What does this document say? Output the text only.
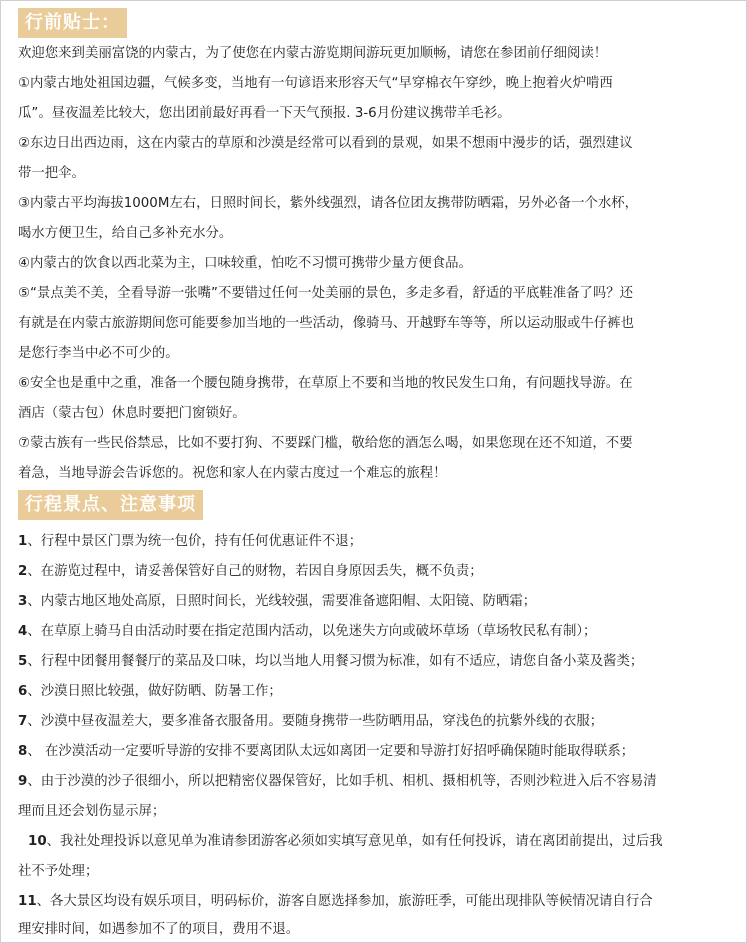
行前贴士：
欢迎您来到美丽富饶的内蒙古，为了使您在内蒙古游览期间游玩更加顺畅，请您在参团前仔细阅读！
①内蒙古地处祖国边疆，气候多变，当地有一句谚语来形容天气“早穿棉衣午穿纱，晚上抱着火炉啃西
瓜”。昼夜温差比较大，您出团前最好再看一下天气预报. 3-6月份建议携带羊毛衫。
②东边日出西边雨，这在内蒙古的草原和沙漠是经常可以看到的景观，如果不想雨中漫步的话，强烈建议
带一把伞。
③内蒙古平均海拔1000M左右，日照时间长，紫外线强烈，请各位团友携带防晒霜，另外必备一个水杯，
喝水方便卫生，给自己多补充水分。
④内蒙古的饮食以西北菜为主，口味较重，怕吃不习惯可携带少量方便食品。
⑤“景点美不美，全看导游一张嘴”不要错过任何一处美丽的景色，多走多看，舒适的平底鞋准备了吗？还
有就是在内蒙古旅游期间您可能要参加当地的一些活动，像骑马、开越野车等等，所以运动服或牛仔裤也
是您行李当中必不可少的。
⑥安全也是重中之重，准备一个腰包随身携带，在草原上不要和当地的牧民发生口角，有问题找导游。在
酒店（蒙古包）休息时要把门窗锁好。
⑦蒙古族有一些民俗禁忌，比如不要打狗、不要踩门槛，敬给您的酒怎么喝，如果您现在还不知道，不要
着急，当地导游会告诉您的。祝您和家人在内蒙古度过一个难忘的旅程！
行程景点、注意事项
1、行程中景区门票为统一包价，持有任何优惠证件不退；
2、在游览过程中，请妥善保管好自己的财物，若因自身原因丢失，概不负责；
3、内蒙古地区地处高原，日照时间长，光线较强，需要准备遮阳帽、太阳镜、防晒霜；
4、在草原上骑马自由活动时要在指定范围内活动，以免迷失方向或破坏草场（草场牧民私有制）；
5、行程中团餐用餐餐厅的菜品及口味，均以当地人用餐习惯为标准，如有不适应，请您自备小菜及酱类；
6、沙漠日照比较强，做好防晒、防暑工作；
7、沙漠中昼夜温差大，要多准备衣服备用。要随身携带一些防晒用品，穿浅色的抗紫外线的衣服；
8、 在沙漠活动一定要听导游的安排不要离团队太远如离团一定要和导游打好招呼确保随时能取得联系；
9、由于沙漠的沙子很细小，所以把精密仪器保管好，比如手机、相机、摄相机等，否则沙粒进入后不容易清
理而且还会划伤显示屏；
10、我社处理投诉以意见单为准请参团游客必须如实填写意见单，如有任何投诉，请在离团前提出，过后我
社不予处理；
11、各大景区均设有娱乐项目，明码标价，游客自愿选择参加，旅游旺季，可能出现排队等候情况请自行合
理安排时间，如遇参加不了的项目，费用不退。
